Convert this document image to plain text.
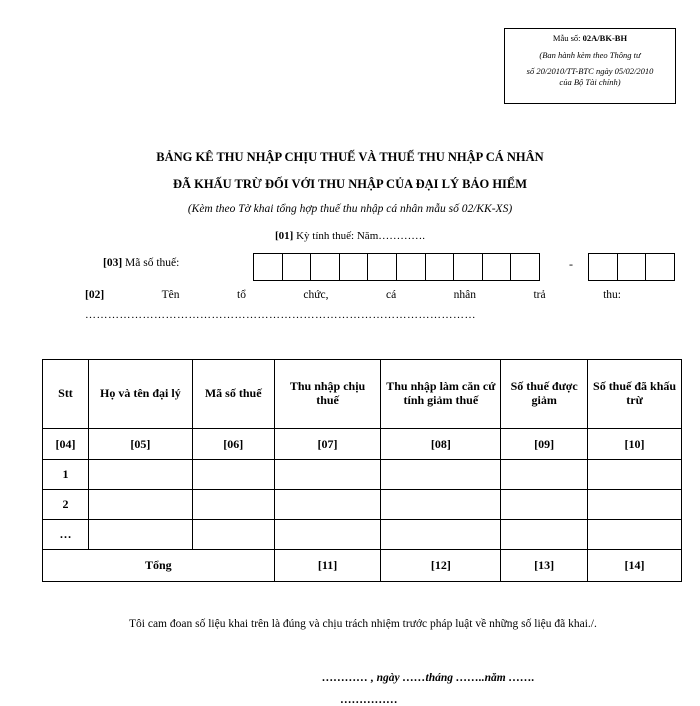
Mẫu số: 02A/BK-BH
(Ban hành kèm theo Thông tư
số 20/2010/TT-BTC ngày 05/02/2010
của Bộ Tài chính)
BẢNG KÊ THU NHẬP CHỊU THUẾ VÀ THUẾ THU NHẬP CÁ NHÂN
ĐÃ KHẤU TRỪ ĐỐI VỚI THU NHẬP CỦA ĐẠI LÝ BẢO HIỂM
(Kèm theo Tờ khai tổng hợp thuế thu nhập cá nhân mẫu số 02/KK-XS)
[01] Kỳ tính thuế: Năm………….
[03] Mã số thuế:	-
[02]	Tên	tổ	chức,	cá	nhân	trả	thu:
…………………………………………………………………………………………
Stt	Họ và tên đại lý	Mã số thuế	Thu nhập chịu thuế	Thu nhập làm căn cứ tính giảm thuế	Số thuế được giảm	Số thuế đã khấu trừ
[04]	[05]	[06]	[07]	[08]	[09]	[10]
1						
2						
…						
Tổng			[11]	[12]	[13]	[14]
Tôi cam đoan số liệu khai trên là đúng và chịu trách nhiệm trước pháp luật về những số liệu đã khai./.
………… , ngày ……tháng ……..năm …….
……………
